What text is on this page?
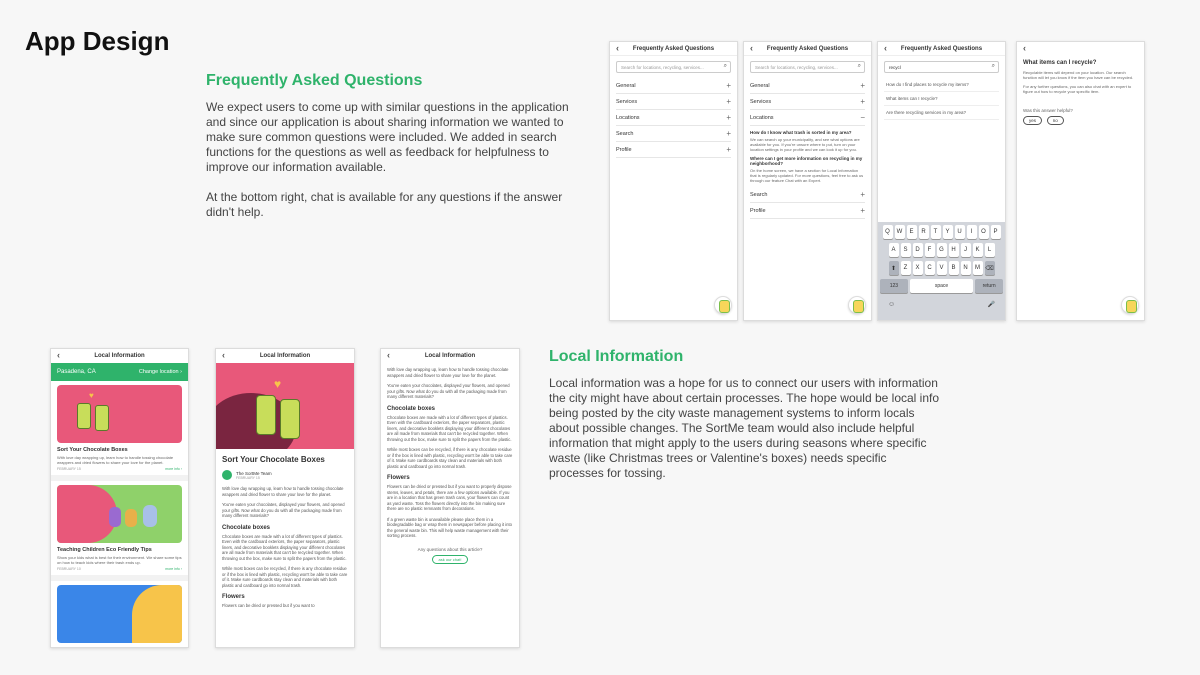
App Design
Frequently Asked Questions

We expect users to come up with similar questions in the application and since our application is about sharing information we wanted to make sure common questions were included. We added in search functions for the questions as well as feedback for helpfulness to improve our information available.

At the bottom right, chat is available for any questions if the answer didn't help.

Local Information

Local information was a hope for us to connect our users with information the city might have about certain processes. The hope would be local info being posted by the city waste management systems to inform locals about possible changes. The SortMe team would also include helpful information that might apply to the users during seasons where specific waste (like Christmas trees or Valentine's boxes) needs specific processes for tossing.

‹ Frequently Asked Questions
Search for locations, recycling, services...	⌕
General	+
Services	+
Locations	+
Search	+
Profile	+
‹ Frequently Asked Questions
Search for locations, recycling, services...	⌕
General	+
Services	+
Locations	−
How do I know what trash is sorted in my area?
We can search up your municipality, and see what options are available for you. If you're unsure where to put, turn on your location settings in your profile and we can look it up for you.
Where can I get more information on recycling in my neighborhood?
On the home screen, we have a section for Local Information that is regularly updated. For more questions, feel free to ask us through our feature Chat with an Expert.
Search	+
Profile	+
‹ Frequently Asked Questions
recycl	⌕
How do I find places to recycle my items?
What items can I recycle?
Are there recycling services in my area?
Q	W	E	R	T	Y	U	I	O	P
A	S	D	F	G	H	J	K	L
⬆	Z	X	C	V	B	N	M ⌫
123	space	return
☺	🎤
‹
What items can I recycle?
Recyclable items will depend on your location. Our search function will let you know if the item you have can be recycled.
For any further questions, you can also chat with an expert to figure out how to recycle your specific item.
Was this answer helpful?
yes	no
‹	Local Information
Pasadena, CA	Change location ›
♥
Sort Your Chocolate Boxes
With love day wrapping up, learn how to handle tossing chocolate wrappers and dried flowers to share your love for the planet.
FEBRUARY 15	more info ›
Teaching Children Eco Friendly Tips
Show your kids what is best for their environment. We share some tips on how to teach kids where their trash ends up.
FEBRUARY 10	more info ›
‹	Local Information
♥
Sort Your Chocolate Boxes
The SortMe Team
FEBRUARY 15
With love day wrapping up, learn how to handle tossing chocolate wrappers and dried flower to share your love for the planet.
You've eaten your chocolates, displayed your flowers, and opened your gifts. Now what do you do with all the packaging made from many different materials?
Chocolate boxes
Chocolate boxes are made with a lot of different types of plastics. Even with the cardboard exteriors, the paper separators, plastic liners, and decorative booklets displaying your different chocolates are all made from materials that can't be recycled together. When throwing out the box, make sure to split the papers from the plastic.
While most boxes can be recycled, if there is any chocolate residue or if the box is lined with plastic, recycling won't be able to take care of it. Make sure cardboards stay clean and materials with both plastic and cardboard go into normal trash.
Flowers
Flowers can be dried or pressed but if you want to
‹	Local Information
With love day wrapping up, learn how to handle tossing chocolate wrappers and dried flower to share your love for the planet.
You've eaten your chocolates, displayed your flowers, and opened your gifts. Now what do you do with all the packaging made from many different materials?
Chocolate boxes
Chocolate boxes are made with a lot of different types of plastics. Even with the cardboard exteriors, the paper separators, plastic liners, and decorative booklets displaying your different chocolates are all made from materials that can't be recycled together. When throwing out the box, make sure to split the papers from the plastic.
While most boxes can be recycled, if there is any chocolate residue or if the box is lined with plastic, recycling won't be able to take care of it. Make sure cardboards stay clean and materials with both plastic and cardboard go into normal trash.
Flowers
Flowers can be dried or pressed but if you want to properly dispose stems, leaves, and petals, there are a few options available. If you are in a location that has green trash cans, your flowers can count as yard waste. Toss the flowers directly into the bin making sure there are no plastic remnants from decorations.
If a green waste bin is unavailable please place them in a biodegradable bag or wrap them in newspaper before placing it into the general waste bin. This will help waste management with their sorting process.
Any questions about this article?
ask our chat!
